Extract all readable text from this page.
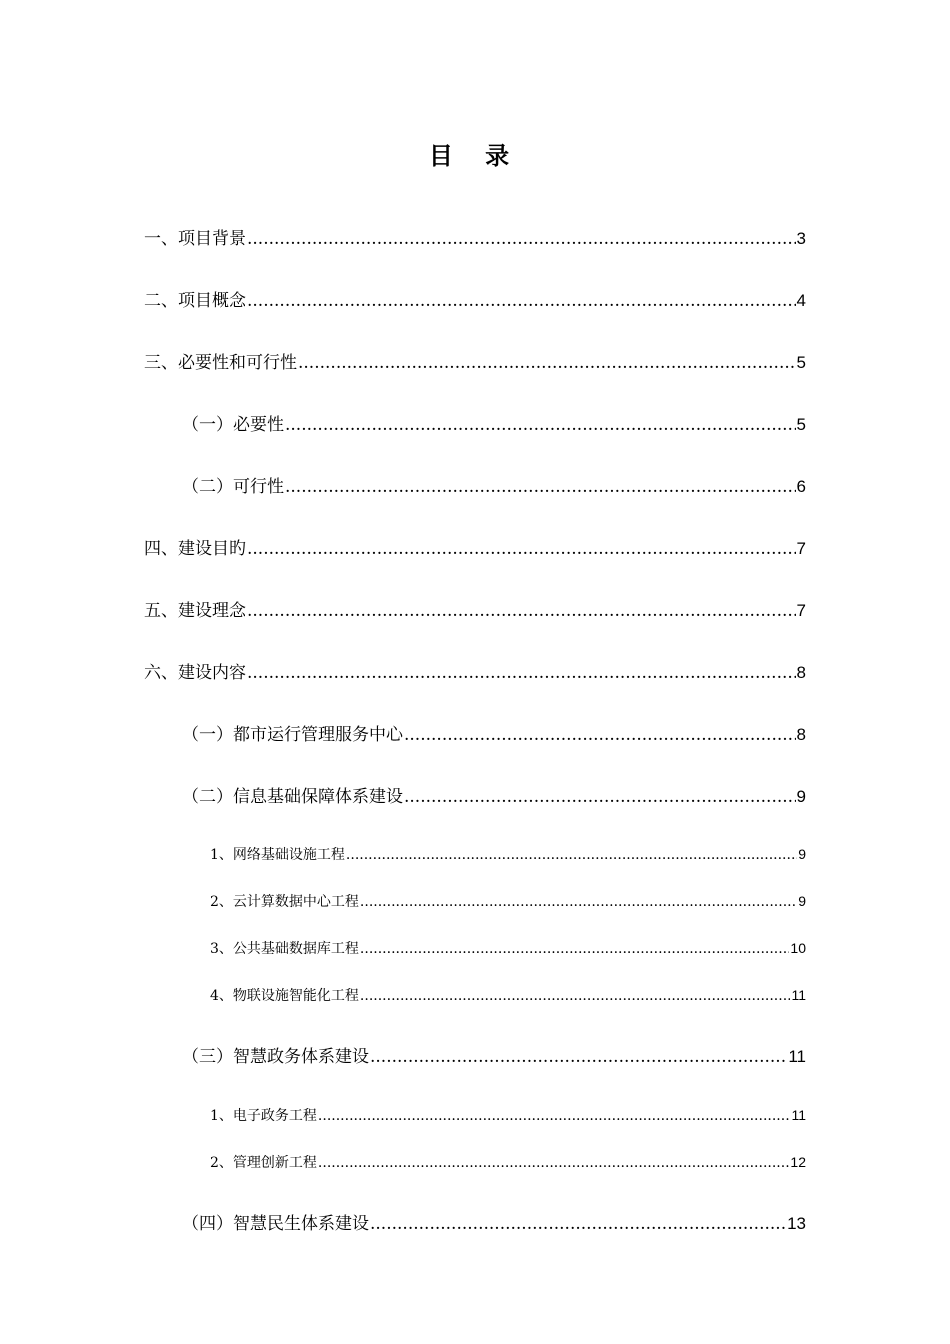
目 录
一、项目背景 .....	3
二、项目概念 .....	4
三、必要性和可行性 .....	5
（一）必要性 .....	5
（二）可行性 .....	6
四、建设目旳 .....	7
五、建设理念 .....	7
六、建设内容 .....	8
（一）都市运行管理服务中心 .....	8
（二）信息基础保障体系建设 .....	9
1、网络基础设施工程 .....	9
2、云计算数据中心工程 .....	9
3、公共基础数据库工程 .....	10
4、物联设施智能化工程 .....	11
（三）智慧政务体系建设 .....	11
1、电子政务工程 .....	11
2、管理创新工程 .....	12
（四）智慧民生体系建设 .....	13
